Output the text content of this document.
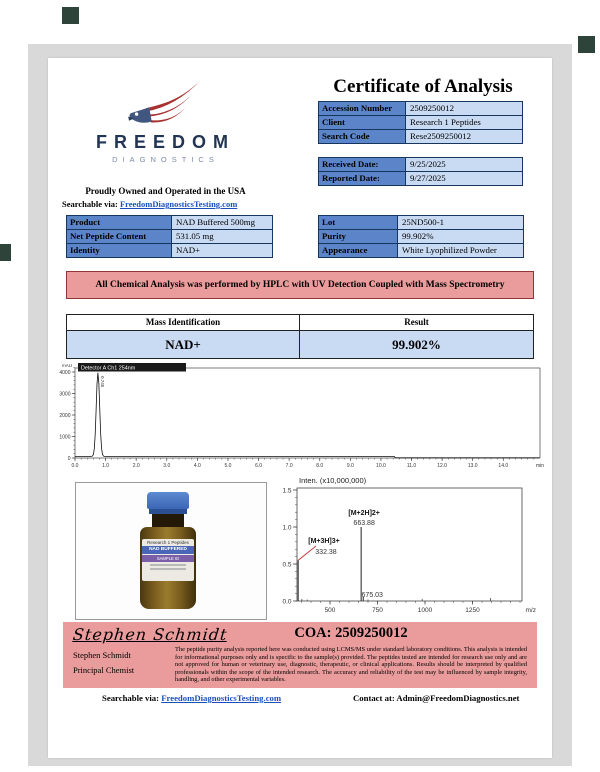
FREEDOM
DIAGNOSTICS
Proudly Owned and Operated in the USA
Searchable via: FreedomDiagnosticsTesting.com
Certificate of Analysis
Accession Number	2509250012
Client	Research 1 Peptides
Search Code	Rese2509250012
Received Date:	9/25/2025
Reported Date:	9/27/2025
Product	NAD Buffered 500mg
Net Peptide Content	531.05 mg
Identity	NAD+
Lot	25ND500-1
Purity	99.902%
Appearance	White Lyophilized Powder
All Chemical Analysis was performed by HPLC with UV Detection Coupled with Mass Spectrometry
Mass Identification	Result
NAD+	99.902%
0
1000
2000
3000
4000
0.0	1.0	2.0	3.0	4.0	5.0	6.0	7.0	8.0	9.0	10.0	11.0	12.0	13.0	14.0	min
mAU Detector A Ch1 254nm
0.745
Research 1 Peptides
NAD BUFFERED
SAMPLE ID
Inten. (x10,000,000)
0.0
0.5
1.0
1.5
500	750	1000	1250	m/z
[M+2H]2+
663.88
[M+3H]3+
332.38
675.03
Stephen Schmidt
Stephen Schmidt
Principal Chemist
COA: 2509250012
The peptide purity analysis reported here was conducted using LCMS/MS under standard laboratory conditions. This analysis is intended for informational purposes only and is specific to the sample(s) provided. The peptides tested are intended for research use only and are not approved for human or veterinary use, diagnostic, therapeutic, or clinical applications. Results should be interpreted by qualified professionals within the scope of the intended research. The accuracy and reliability of the test may be influenced by sample integrity, handling, and other experimental variables.
Searchable via: FreedomDiagnosticsTesting.com	Contact at: Admin@FreedomDiagnostics.net
